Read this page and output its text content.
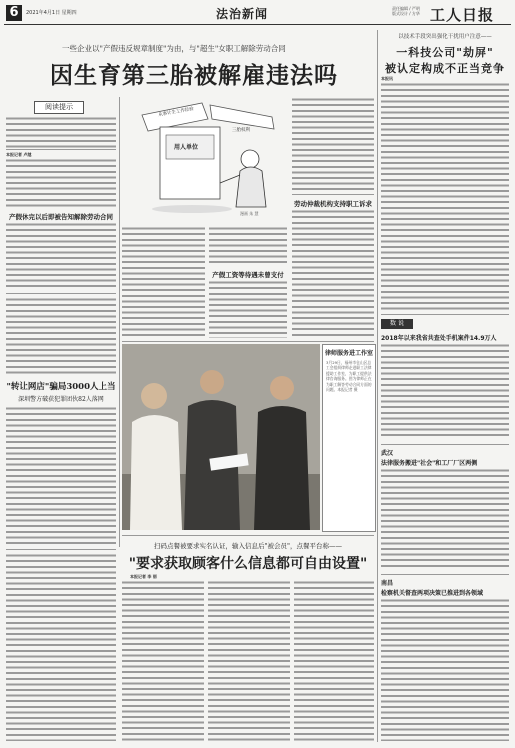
6	2021年4月1日 星期四	法治新闻	责任编辑 / 严明
版式设计 / 方华 工人日报
一些企业以"产假违反规章制度"为由，与"超生"女职工解除劳动合同
因生育第三胎被解雇违法吗
阅读提示	从事计生工作经验
用人单位
三胎权利
漫画 朱 慧
本报记者 卢越
产假休完以后即被告知解除劳动合同
产假工资等待遇未曾支付
劳动仲裁机构支持职工诉求
"转让网店"骗局3000人上当
深圳警方破获犯罪团伙82人落网
律师服务进工作室
3月29日，福州市仓山区总工会组织律师走进职工法律援助工作室，为职工提供法律咨询服务。图为律师正在为职工解答劳动合同方面的问题。本报记者 摄
扫码点餐被要求实名认证，输入信息后"被会员"，点餐平台称——
"要求获取顾客什么信息都可自由设置"
本报记者 李 丽
以技术手段突出强化干扰用户注意——
一科技公司"劫屏"
被认定构成不正当竞争
本报讯
数 说
2018年以来我省共查处手机案件14.9万人
武汉
法律服务搬进"社会"和工厂厂区两侧
南昌
检察机关督查两项决策已推进到各领域
